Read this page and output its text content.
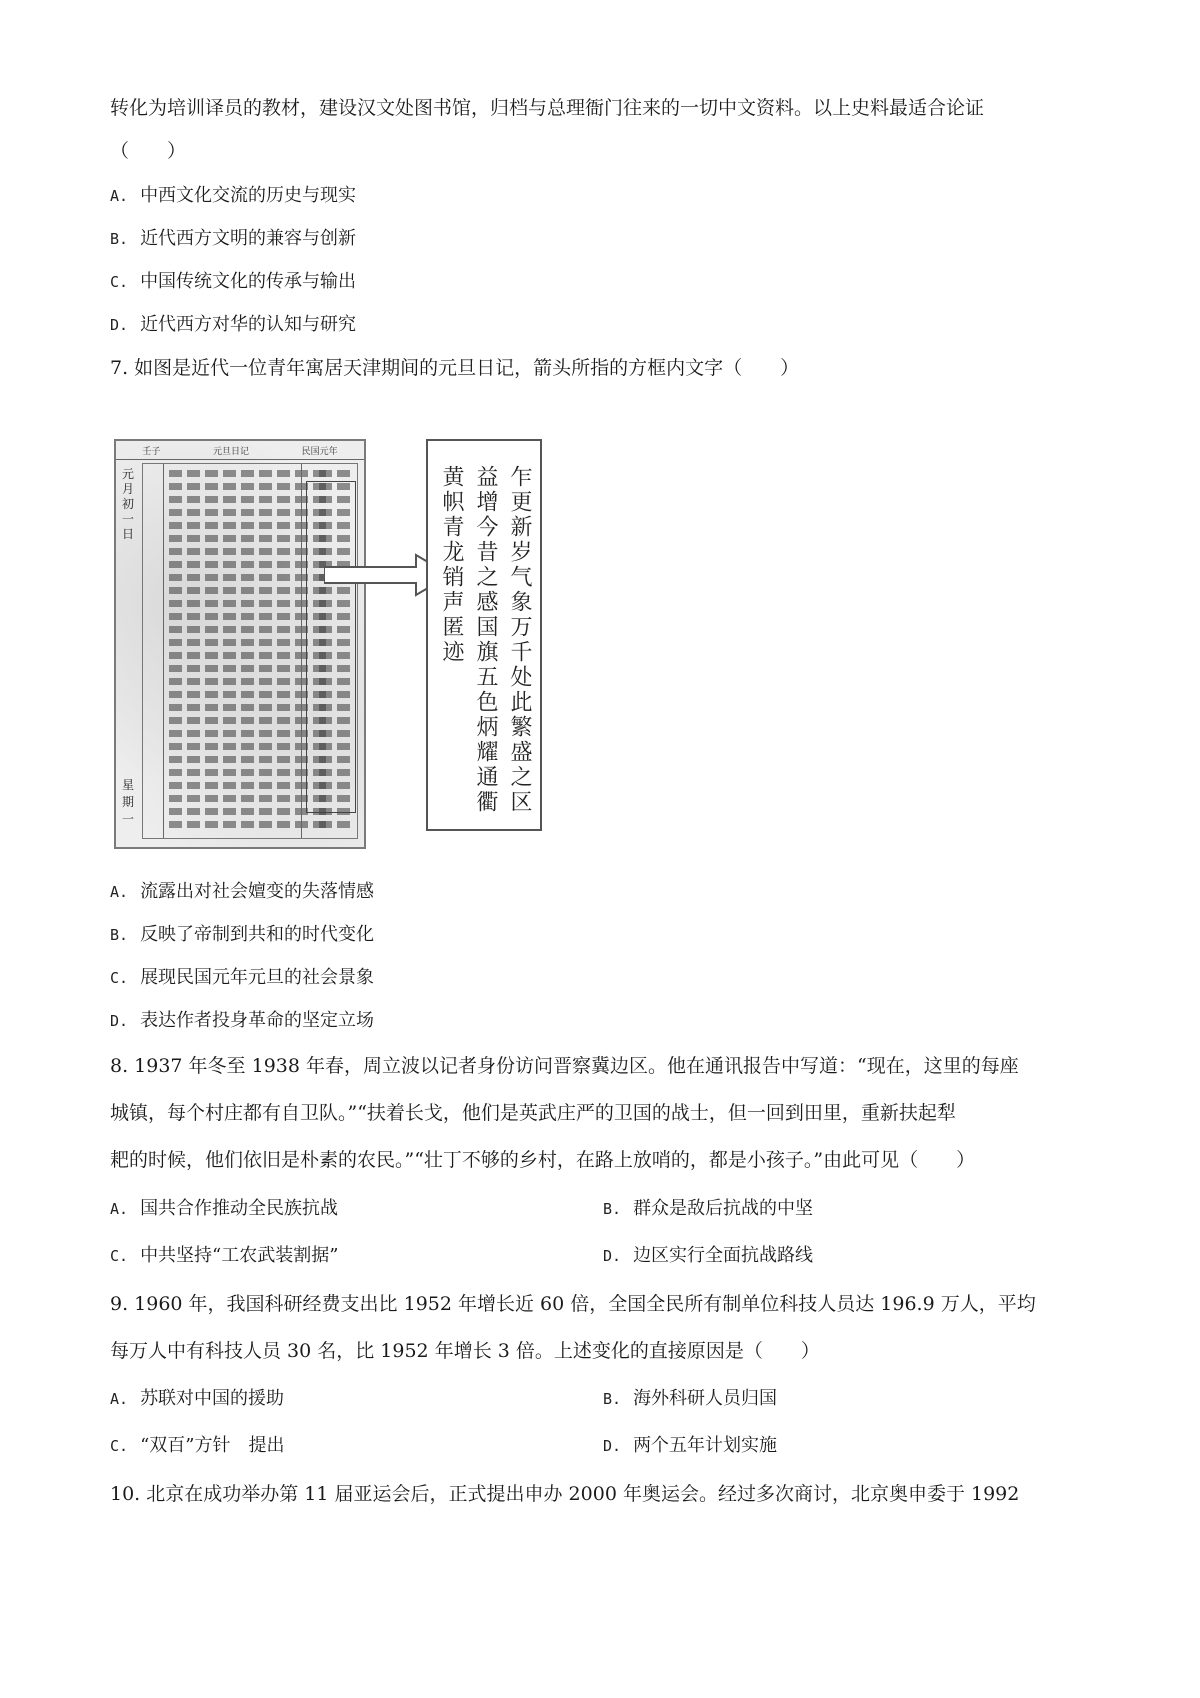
转化为培训译员的教材，建设汉文处图书馆，归档与总理衙门往来的一切中文资料。以上史料最适合论证
（　　）
A. 中西文化交流的历史与现实
B. 近代西方文明的兼容与创新
C. 中国传统文化的传承与输出
D. 近代西方对华的认知与研究
7. 如图是近代一位青年寓居天津期间的元旦日记，箭头所指的方框内文字（　　）
壬子	元旦日记	民国元年
元月初一日
星期一
乍更新岁气象万千处此繁盛之区
益增今昔之感国旗五色炳耀通衢
黄帜青龙销声匿迹
A. 流露出对社会嬗变的失落情感
B. 反映了帝制到共和的时代变化
C. 展现民国元年元旦的社会景象
D. 表达作者投身革命的坚定立场
8. 1937 年冬至 1938 年春，周立波以记者身份访问晋察冀边区。他在通讯报告中写道：“现在，这里的每座
城镇，每个村庄都有自卫队。”“扶着长戈，他们是英武庄严的卫国的战士，但一回到田里，重新扶起犁
耙的时候，他们依旧是朴素的农民。”“壮丁不够的乡村，在路上放哨的，都是小孩子。”由此可见（　　）
A. 国共合作推动全民族抗战	B. 群众是敌后抗战的中坚
C. 中共坚持“工农武装割据”	D. 边区实行全面抗战路线
9. 1960 年，我国科研经费支出比 1952 年增长近 60 倍，全国全民所有制单位科技人员达 196.9 万人，平均
每万人中有科技人员 30 名，比 1952 年增长 3 倍。上述变化的直接原因是（　　）
A. 苏联对中国的援助	B. 海外科研人员归国
C. “双百”方针　提出	D. 两个五年计划实施
10. 北京在成功举办第 11 届亚运会后，正式提出申办 2000 年奥运会。经过多次商讨，北京奥申委于 1992
